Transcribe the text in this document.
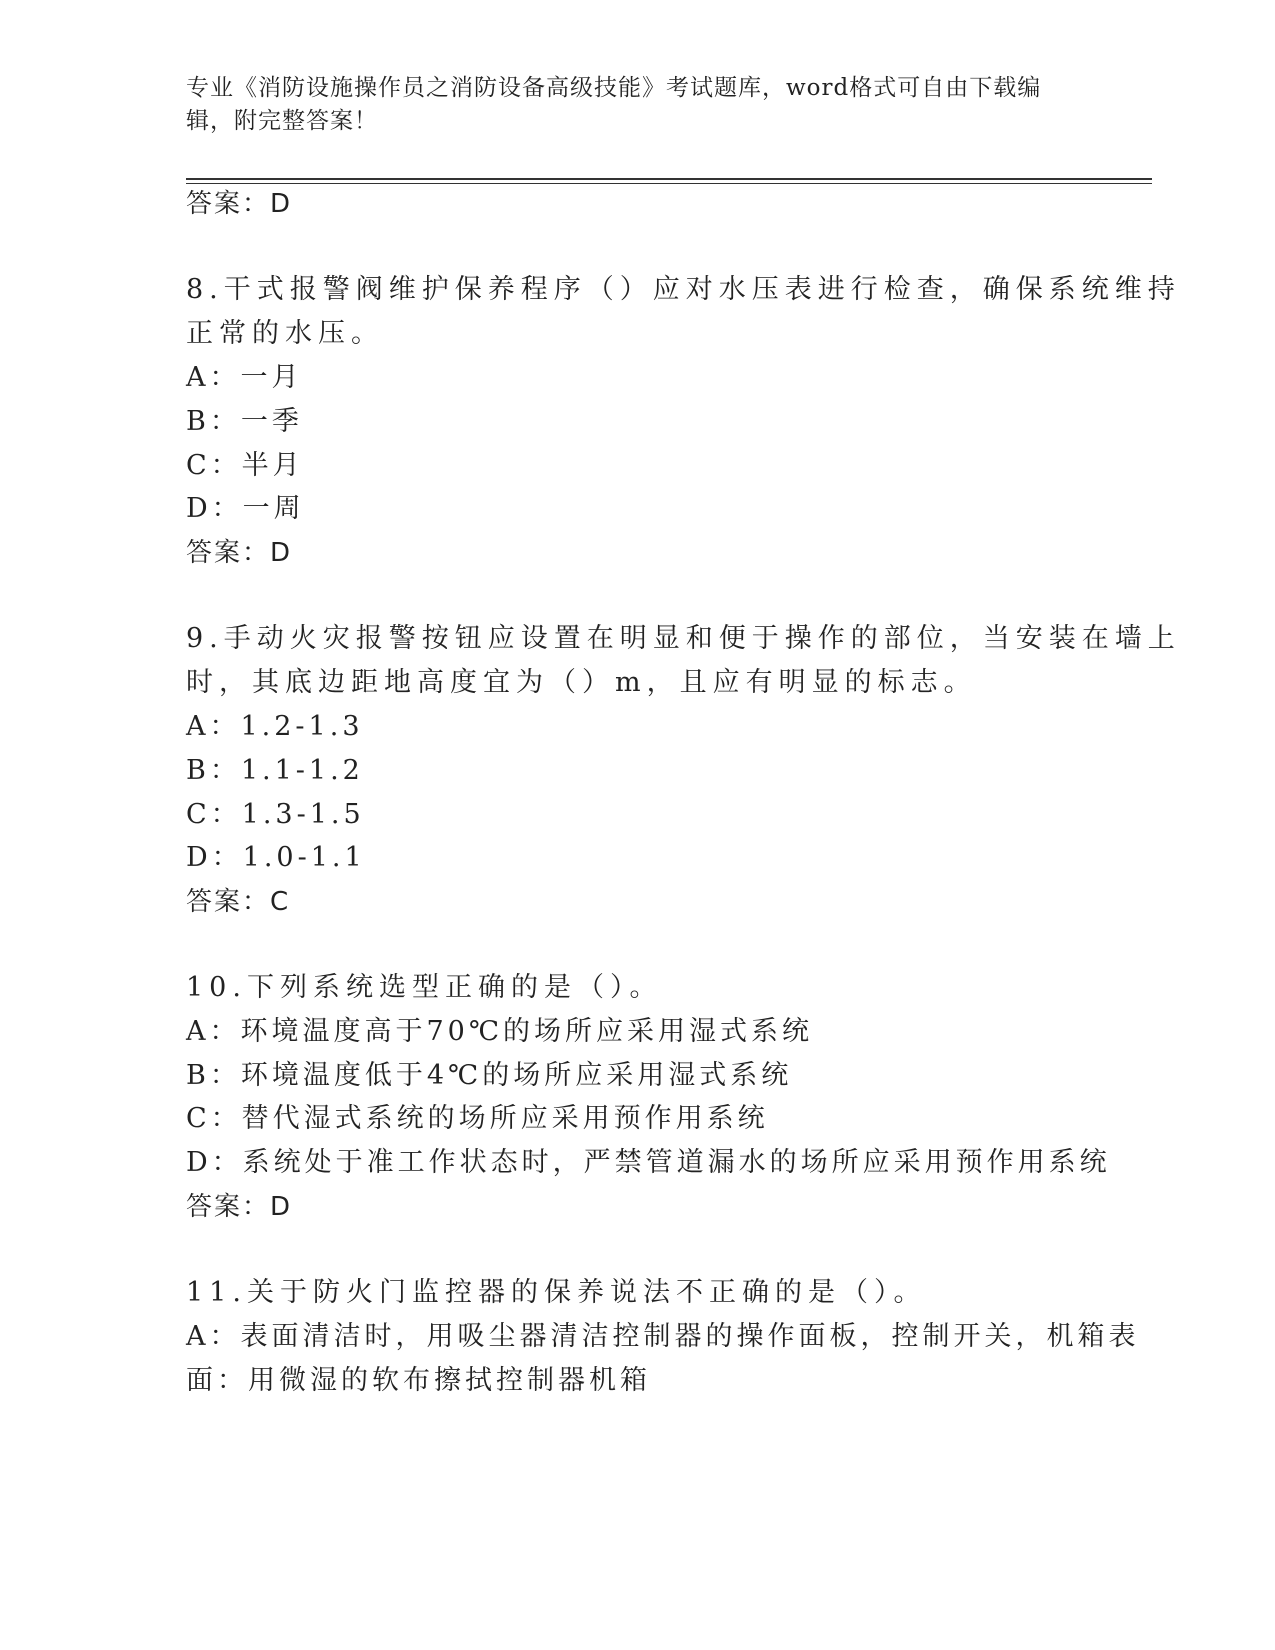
专业《消防设施操作员之消防设备高级技能》考试题库，word格式可自由下载编
辑，附完整答案！
答案：D
8.干式报警阀维护保养程序（）应对水压表进行检查，确保系统维持
正常的水压。
A：一月
B：一季
C：半月
D：一周
答案：D
9.手动火灾报警按钮应设置在明显和便于操作的部位，当安装在墙上
时，其底边距地高度宜为（）m，且应有明显的标志。
A：1.2-1.3
B：1.1-1.2
C：1.3-1.5
D：1.0-1.1
答案：C
10.下列系统选型正确的是（）。
A：环境温度高于70℃的场所应采用湿式系统
B：环境温度低于4℃的场所应采用湿式系统
C：替代湿式系统的场所应采用预作用系统
D：系统处于准工作状态时，严禁管道漏水的场所应采用预作用系统
答案：D
11.关于防火门监控器的保养说法不正确的是（）。
A：表面清洁时，用吸尘器清洁控制器的操作面板，控制开关，机箱表
面：用微湿的软布擦拭控制器机箱
